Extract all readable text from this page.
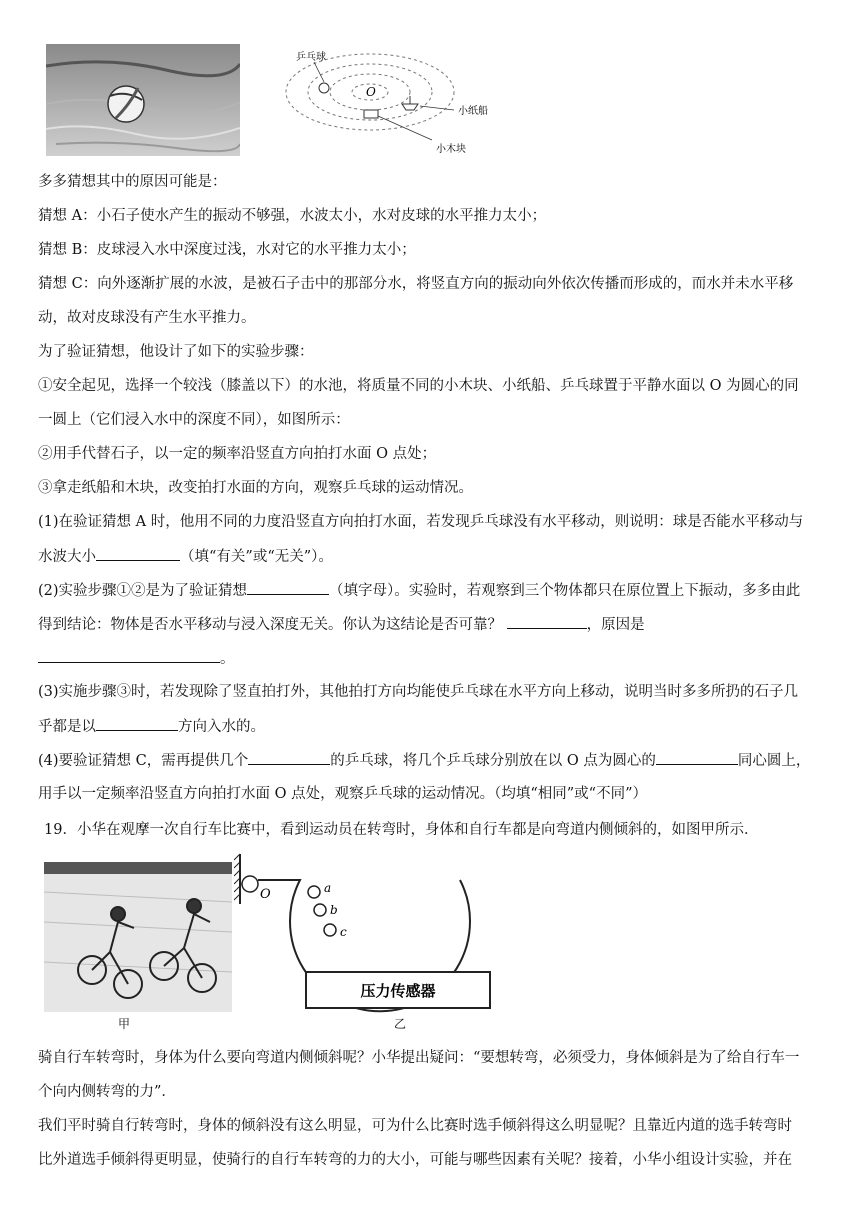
O
乒乓球
小木块
小纸船
多多猜想其中的原因可能是：
猜想 A：小石子使水产生的振动不够强，水波太小，水对皮球的水平推力太小；
猜想 B：皮球浸入水中深度过浅，水对它的水平推力太小；
猜想 C：向外逐渐扩展的水波，是被石子击中的那部分水，将竖直方向的振动向外依次传播而形成的，而水并未水平移
动，故对皮球没有产生水平推力。
为了验证猜想，他设计了如下的实验步骤：
①安全起见，选择一个较浅（膝盖以下）的水池，将质量不同的小木块、小纸船、乒乓球置于平静水面以 O 为圆心的同
一圆上（它们浸入水中的深度不同），如图所示：
②用手代替石子，以一定的频率沿竖直方向拍打水面 O 点处；
③拿走纸船和木块，改变拍打水面的方向，观察乒乓球的运动情况。
(1)在验证猜想 A 时，他用不同的力度沿竖直方向拍打水面，若发现乒乓球没有水平移动，则说明：球是否能水平移动与
水波大小	（填“有关”或“无关”）。
(2)实验步骤①②是为了验证猜想	（填字母）。实验时，若观察到三个物体都只在原位置上下振动，多多由此
得到结论：物体是否水平移动与浸入深度无关。你认为这结论是否可靠？	，原因是
。
(3)实施步骤③时，若发现除了竖直拍打外，其他拍打方向均能使乒乓球在水平方向上移动，说明当时多多所扔的石子几
乎都是以	方向入水的。
(4)要验证猜想 C，需再提供几个	的乒乓球，将几个乒乓球分别放在以 O 点为圆心的	同心圆上，
用手以一定频率沿竖直方向拍打水面 O 点处，观察乒乓球的运动情况。（均填“相同”或“不同”）
19．小华在观摩一次自行车比赛中，看到运动员在转弯时，身体和自行车都是向弯道内侧倾斜的，如图甲所示．
甲
O	a
b
c
压力传感器
乙
骑自行车转弯时，身体为什么要向弯道内侧倾斜呢？小华提出疑问：“要想转弯，必须受力，身体倾斜是为了给自行车一
个向内侧转弯的力”．
我们平时骑自行转弯时，身体的倾斜没有这么明显，可为什么比赛时选手倾斜得这么明显呢？且靠近内道的选手转弯时
比外道选手倾斜得更明显，使骑行的自行车转弯的力的大小，可能与哪些因素有关呢？接着，小华小组设计实验，并在
